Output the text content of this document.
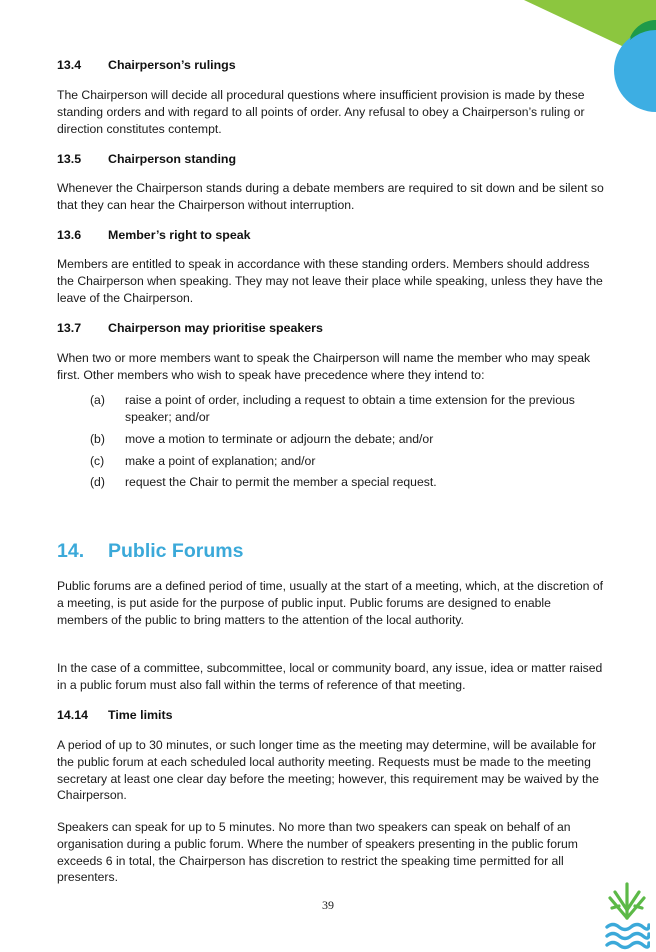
13.4 Chairperson’s rulings

The Chairperson will decide all procedural questions where insufficient provision is made by these standing orders and with regard to all points of order. Any refusal to obey a Chairperson’s ruling or direction constitutes contempt.

13.5 Chairperson standing

Whenever the Chairperson stands during a debate members are required to sit down and be silent so that they can hear the Chairperson without interruption.

13.6 Member’s right to speak

Members are entitled to speak in accordance with these standing orders. Members should address the Chairperson when speaking. They may not leave their place while speaking, unless they have the leave of the Chairperson.

13.7 Chairperson may prioritise speakers

When two or more members want to speak the Chairperson will name the member who may speak first. Other members who wish to speak have precedence where they intend to:

(a) raise a point of order, including a request to obtain a time extension for the previous speaker; and/or
(b) move a motion to terminate or adjourn the debate; and/or
(c) make a point of explanation; and/or
(d) request the Chair to permit the member a special request.
14. Public Forums

Public forums are a defined period of time, usually at the start of a meeting, which, at the discretion of a meeting, is put aside for the purpose of public input. Public forums are designed to enable members of the public to bring matters to the attention of the local authority.

In the case of a committee, subcommittee, local or community board, any issue, idea or matter raised in a public forum must also fall within the terms of reference of that meeting.

14.14 Time limits

A period of up to 30 minutes, or such longer time as the meeting may determine, will be available for the public forum at each scheduled local authority meeting. Requests must be made to the meeting secretary at least one clear day before the meeting; however, this requirement may be waived by the Chairperson.

Speakers can speak for up to 5 minutes. No more than two speakers can speak on behalf of an organisation during a public forum. Where the number of speakers presenting in the public forum exceeds 6 in total, the Chairperson has discretion to restrict the speaking time permitted for all presenters.

39
